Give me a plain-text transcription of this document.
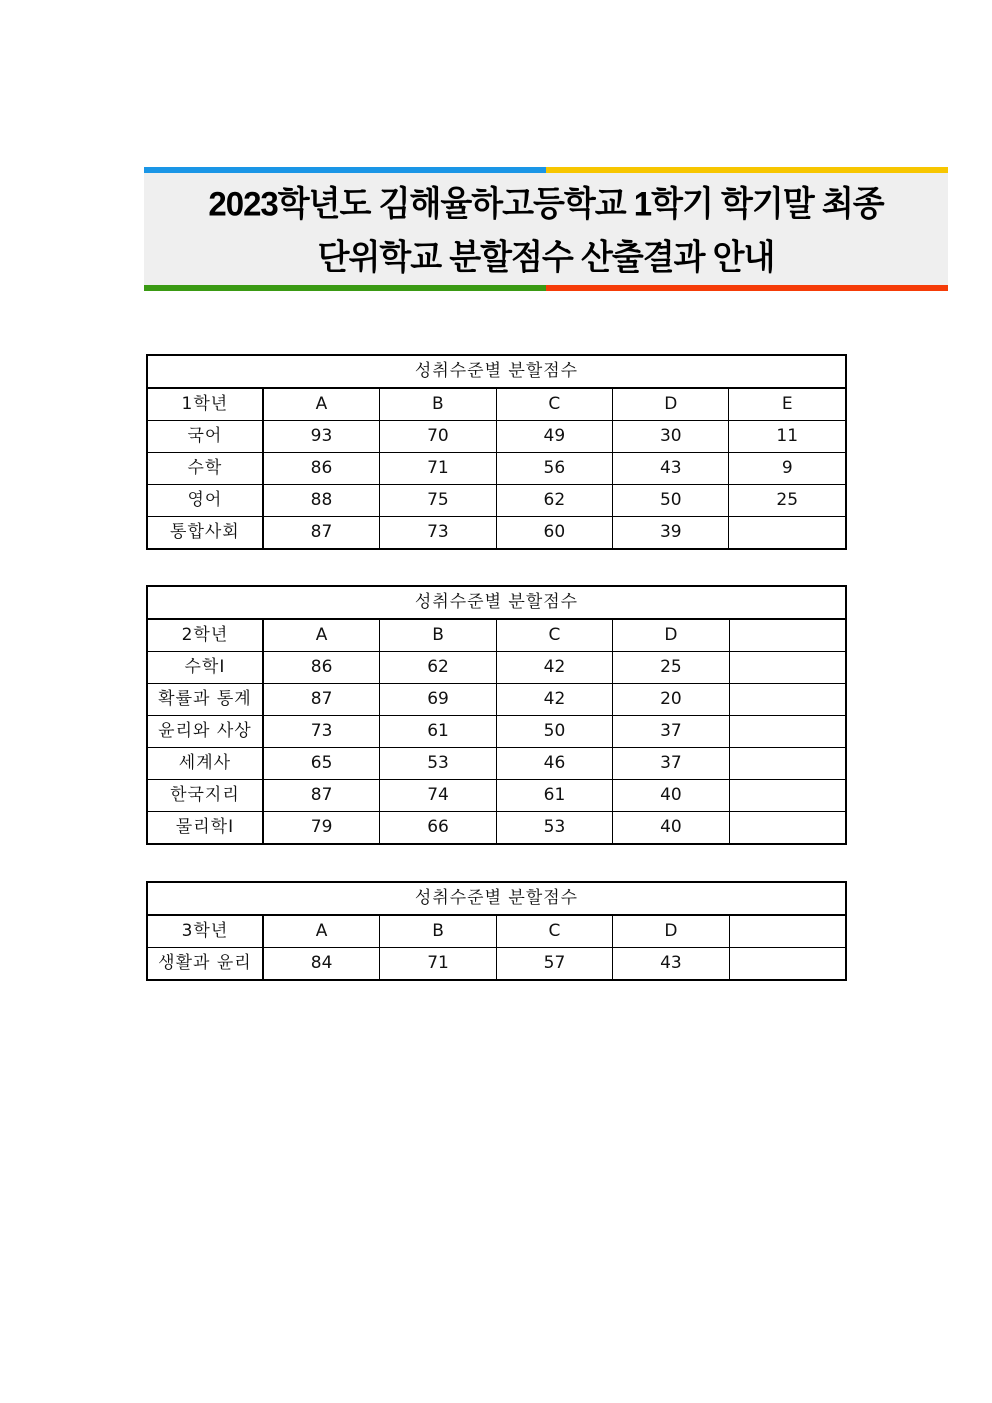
2023학년도 김해율하고등학교 1학기 학기말 최종
단위학교 분할점수 산출결과 안내
성취수준별 분할점수					
1학년	A	B	C	D	E
국어	93	70	49	30	11
수학	86	71	56	43	9
영어	88	75	62	50	25
통합사회	87	73	60	39	
성취수준별 분할점수					
2학년	A	B	C	D	
수학Ⅰ	86	62	42	25	
확률과 통계	87	69	42	20	
윤리와 사상	73	61	50	37	
세계사	65	53	46	37	
한국지리	87	74	61	40	
물리학Ⅰ	79	66	53	40	
성취수준별 분할점수					
3학년	A	B	C	D	
생활과 윤리	84	71	57	43	
